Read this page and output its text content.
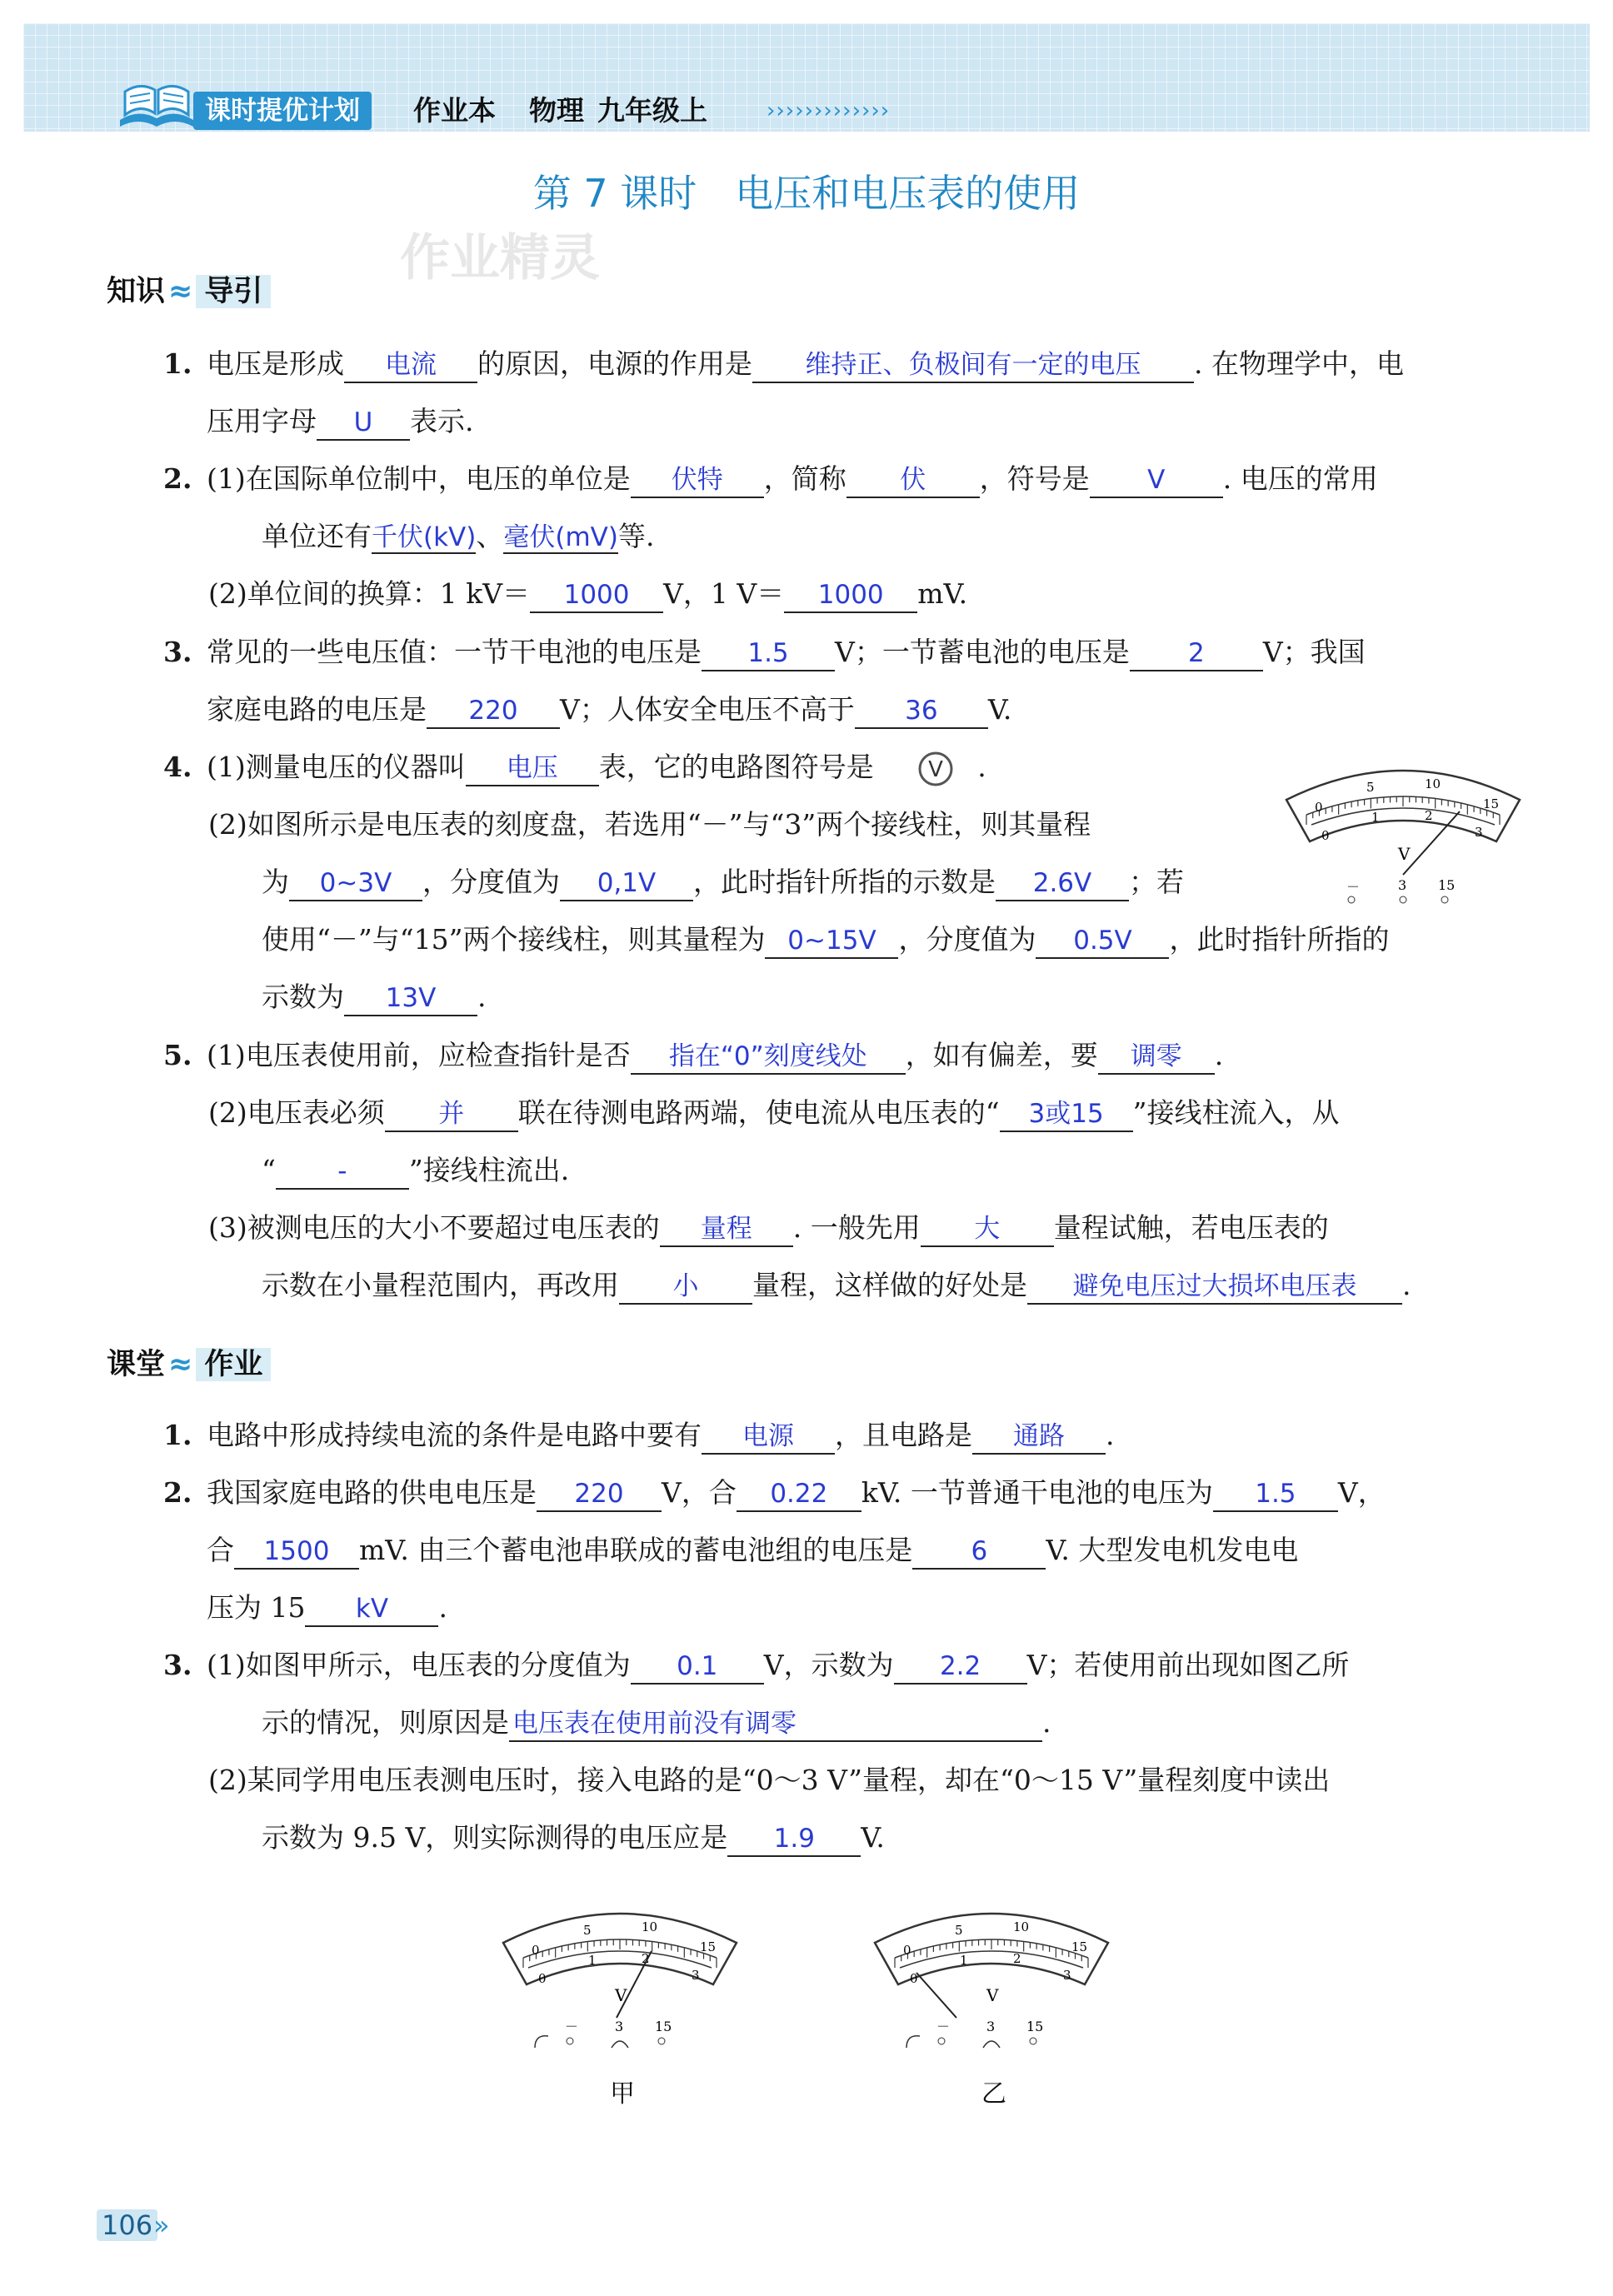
课时提优计划	作业本 物理 九年级上	›››››››››››››
第 7 课时　电压和电压表的使用
作业精灵
知识 ≈ 导引
1. 电压是形成 电流 的原因，电源的作用是 维持正、负极间有一定的电压 . 在物理学中，电
压用字母 U 表示.
2. (1)在国际单位制中，电压的单位是 伏特 ，简称 伏 ，符号是 V . 电压的常用
单位还有千伏(kV)、毫伏(mV)等.
(2)单位间的换算：1 kV＝ 1000 V，1 V＝ 1000 mV.
3. 常见的一些电压值：一节干电池的电压是 1.5 V；一节蓄电池的电压是 2 V；我国
家庭电路的电压是 220 V；人体安全电压不高于 36 V.
4. (1)测量电压的仪器叫 电压 表，它的电路图符号是	V .
(2)如图所示是电压表的刻度盘，若选用“－”与“3”两个接线柱，则其量程
为 0~3V ，分度值为 0,1V ，此时指针所指的示数是 2.6V ；若
使用“－”与“15”两个接线柱，则其量程为 0~15V ，分度值为 0.5V ，此时指针所指的
示数为 13V .
0
5	10
15
0
1	2
3
V
－	3 15
5. (1)电压表使用前，应检查指针是否 指在“0”刻度线处 ，如有偏差，要 调零 .
(2)电压表必须 并 联在待测电路两端，使电流从电压表的“ 3或15 ”接线柱流入，从
“ - ”接线柱流出.
(3)被测电压的大小不要超过电压表的 量程 . 一般先用 大 量程试触，若电压表的
示数在小量程范围内，再改用 小 量程，这样做的好处是 避免电压过大损坏电压表 .
课堂 ≈ 作业
1. 电路中形成持续电流的条件是电路中要有 电源 ，且电路是 通路 .
2. 我国家庭电路的供电电压是 220 V，合 0.22 kV. 一节普通干电池的电压为 1.5 V，
合 1500 mV. 由三个蓄电池串联成的蓄电池组的电压是 6 V. 大型发电机发电电
压为 15 kV .
3. (1)如图甲所示，电压表的分度值为 0.1 V，示数为 2.2 V；若使用前出现如图乙所
示的情况，则原因是 电压表在使用前没有调零	.
(2)某同学用电压表测电压时，接入电路的是“0～3 V”量程，却在“0～15 V”量程刻度中读出
示数为 9.5 V，则实际测得的电压应是 1.9 V.
0
5	10
15
0
1	2
3
V
－	3 15
甲
0
5	10
15
0
1	2
3
V
－	3 15
乙
106 »
